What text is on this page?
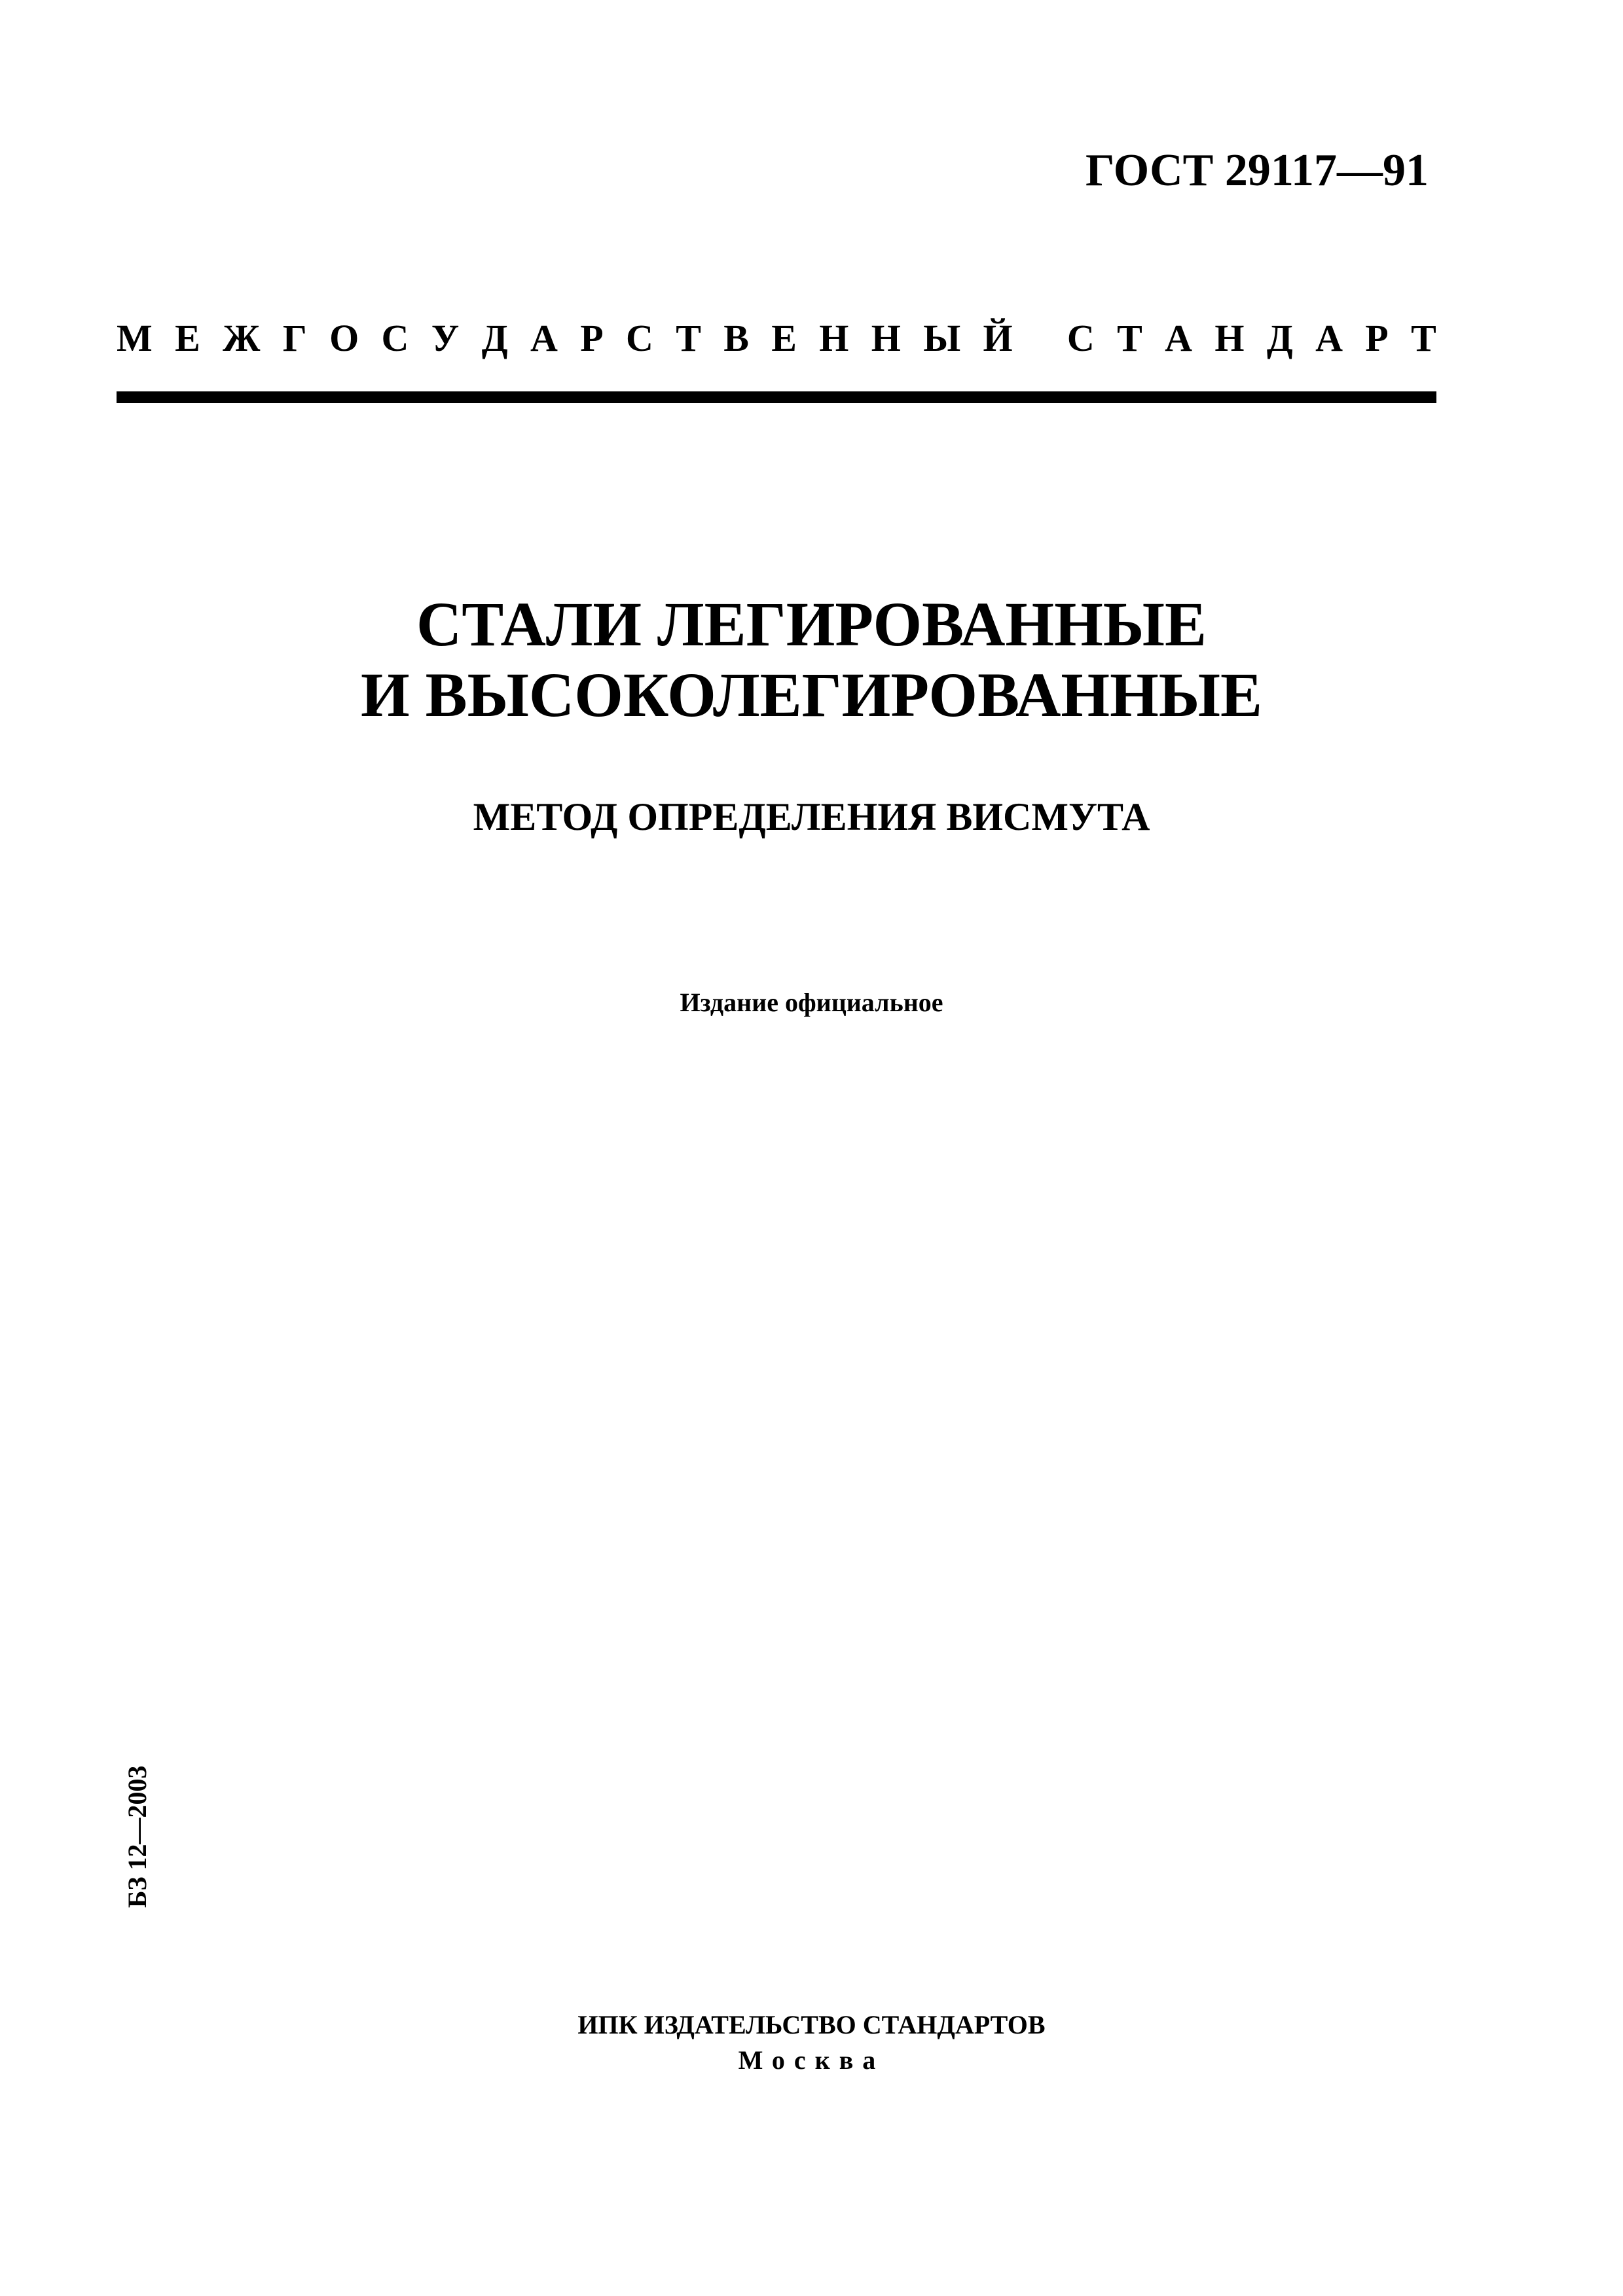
ГОСТ 29117—91
М Е Ж Г О С У Д А Р С Т В Е Н Н Ы Й
С Т А Н Д А Р Т
СТАЛИ ЛЕГИРОВАННЫЕ
И ВЫСОКОЛЕГИРОВАННЫЕ
МЕТОД ОПРЕДЕЛЕНИЯ ВИСМУТА
Издание официальное
БЗ 12—2003
ИПК ИЗДАТЕЛЬСТВО СТАНДАРТОВ
Москва
